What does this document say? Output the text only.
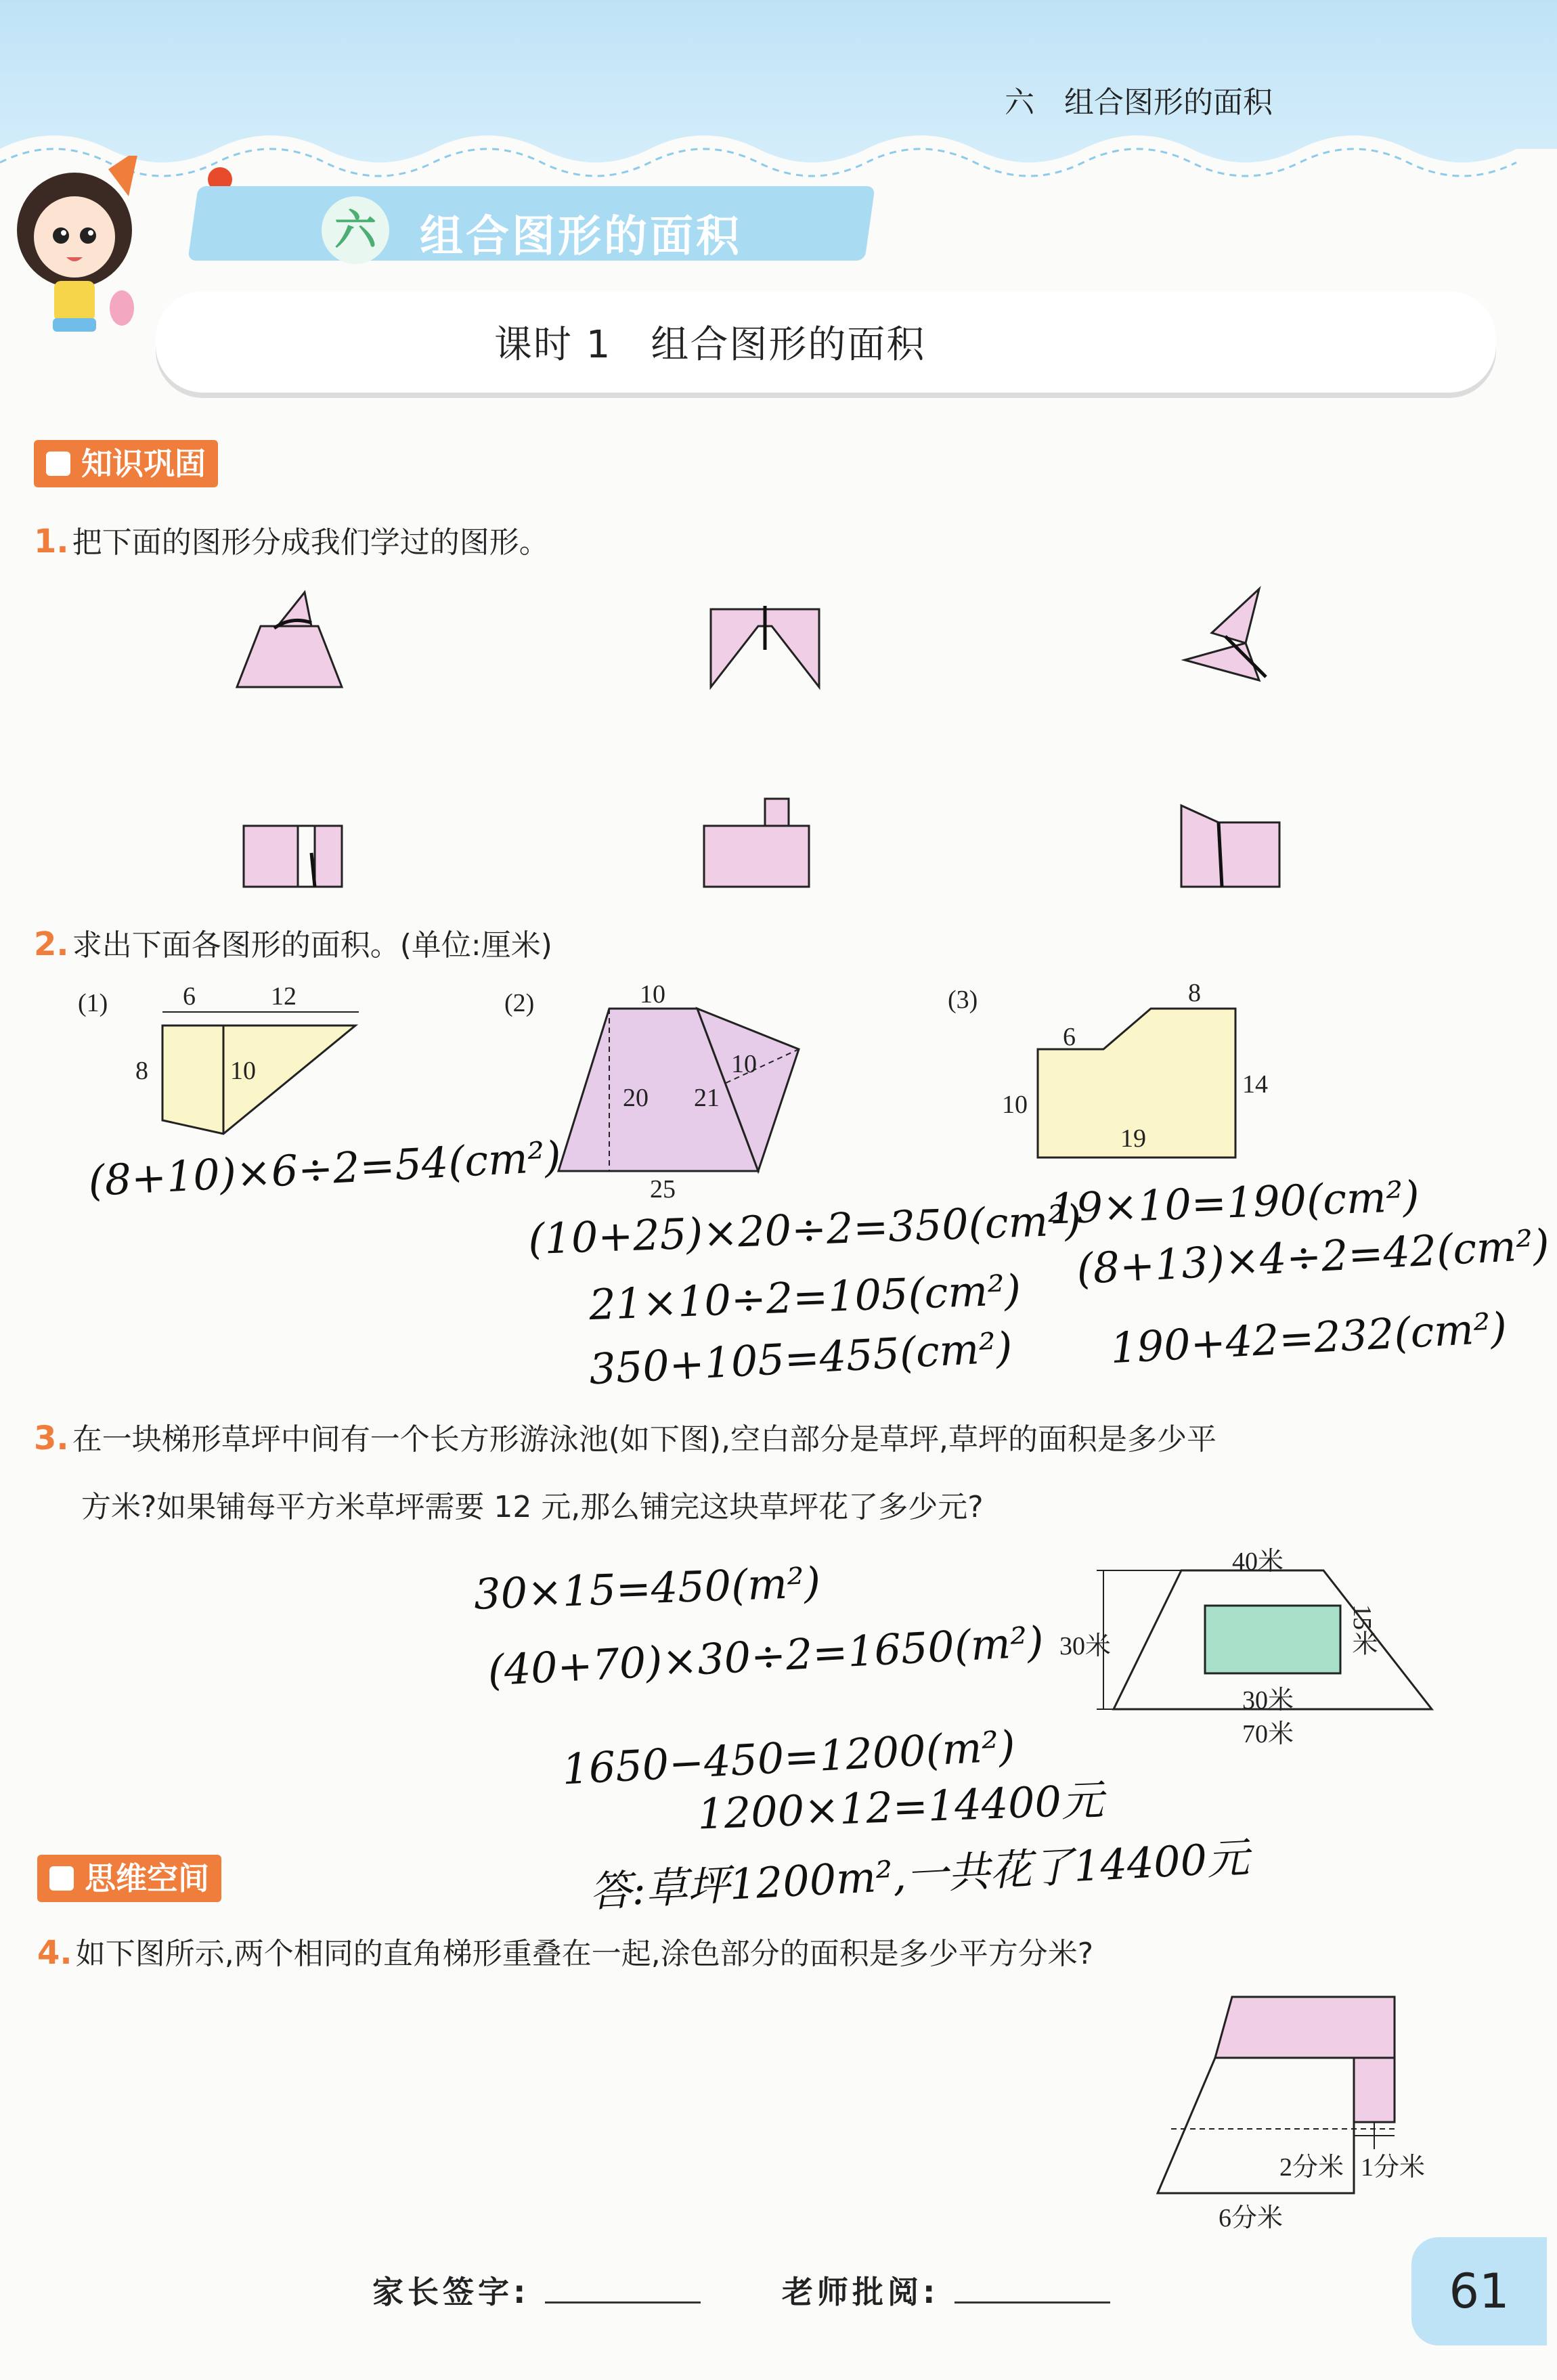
六　组合图形的面积
六 组合图形的面积
课时 1　组合图形的面积
知识巩固
1. 把下面的图形分成我们学过的图形。
2. 求出下面各图形的面积。(单位:厘米)
(1)	6	12
8	10
(8+10)×6÷2=54(cm²)
(2)	10
20 21
10
25
(10+25)×20÷2=350(cm²)
21×10÷2=105(cm²)
350+105=455(cm²)
(3)	8
6
10
14
19
19×10=190(cm²)
(8+13)×4÷2=42(cm²)
190+42=232(cm²)
3. 在一块梯形草坪中间有一个长方形游泳池(如下图),空白部分是草坪,草坪的面积是多少平
方米?如果铺每平方米草坪需要 12 元,那么铺完这块草坪花了多少元?
40米
30米
30米
15米
70米
30×15=450(m²)
(40+70)×30÷2=1650(m²)
1650−450=1200(m²)
1200×12=14400元
答:草坪1200m²,一共花了14400元
思维空间
4. 如下图所示,两个相同的直角梯形重叠在一起,涂色部分的面积是多少平方分米?
2分米 1分米
6分米
家长签字:	老师批阅:	61
